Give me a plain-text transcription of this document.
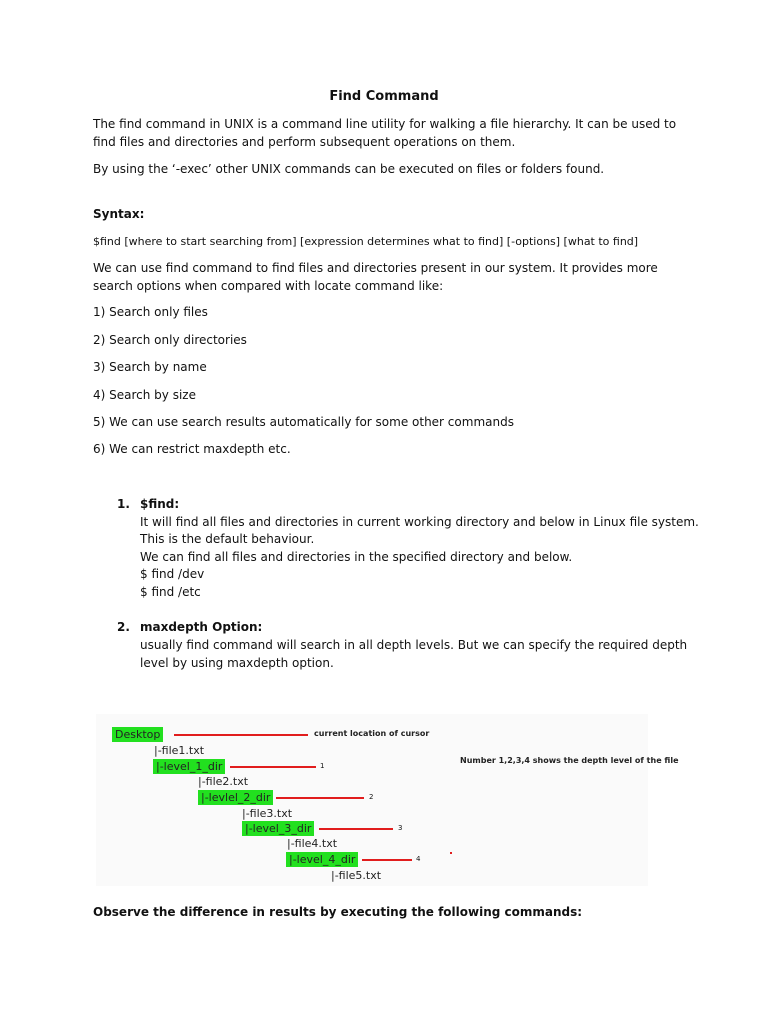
Find Command
The find command in UNIX is a command line utility for walking a file hierarchy. It can be used to
find files and directories and perform subsequent operations on them.
By using the ‘-exec’ other UNIX commands can be executed on files or folders found.
Syntax:
$find [where to start searching from] [expression determines what to find] [-options] [what to find]
We can use find command to find files and directories present in our system. It provides more
search options when compared with locate command like:
1) Search only files
2) Search only directories
3) Search by name
4) Search by size
5) We can use search results automatically for some other commands
6) We can restrict maxdepth etc.
1. $find:
It will find all files and directories in current working directory and below in Linux file system.
This is the default behaviour.
We can find all files and directories in the specified directory and below.
$ find /dev
$ find /etc
2. maxdepth Option:
usually find command will search in all depth levels. But we can specify the required depth
level by using maxdepth option.
Desktop	current location of cursor
|-file1.txt
|-level_1_dir	1
Number 1,2,3,4 shows the depth level of the file
|-file2.txt
|-levlel_2_dir	2
|-file3.txt
|-level_3_dir	3
|-file4.txt
|-level_4_dir	4
|-file5.txt
Observe the difference in results by executing the following commands:
